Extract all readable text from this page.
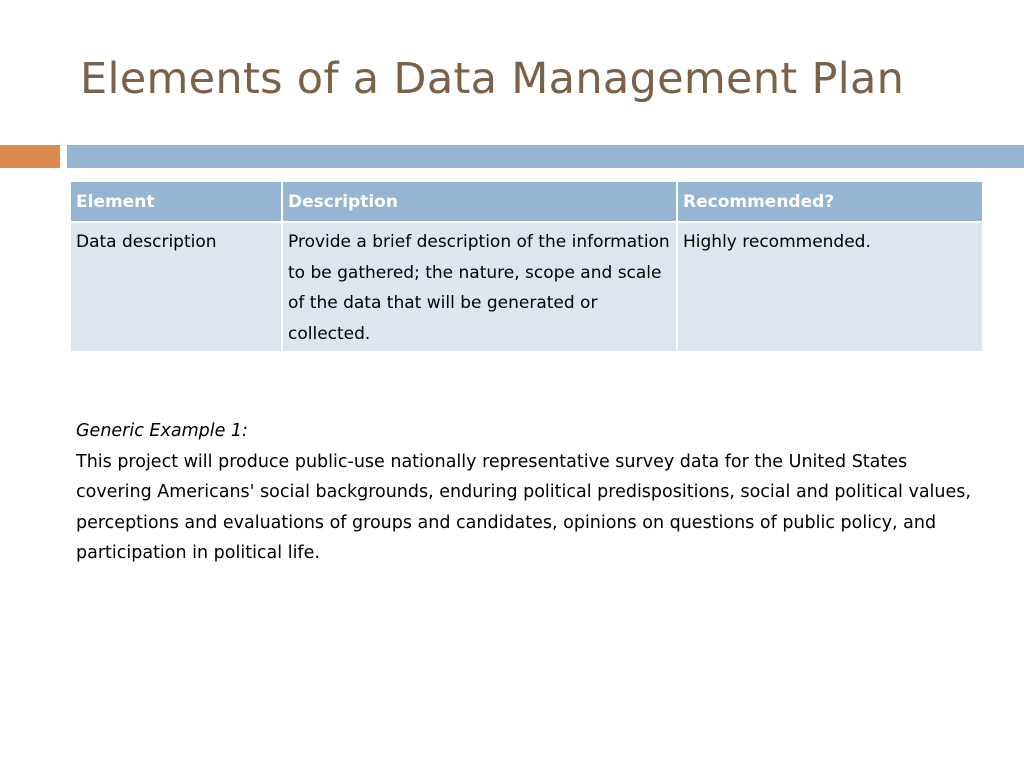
Elements of a Data Management Plan
Element	Description	Recommended?
Data description	Provide a brief description of the information to be gathered; the nature, scope and scale of the data that will be generated or collected.	Highly recommended.
Generic Example 1:

This project will produce public-use nationally representative survey data for the United States covering Americans' social backgrounds, enduring political predispositions, social and political values, perceptions and evaluations of groups and candidates, opinions on questions of public policy, and participation in political life.
